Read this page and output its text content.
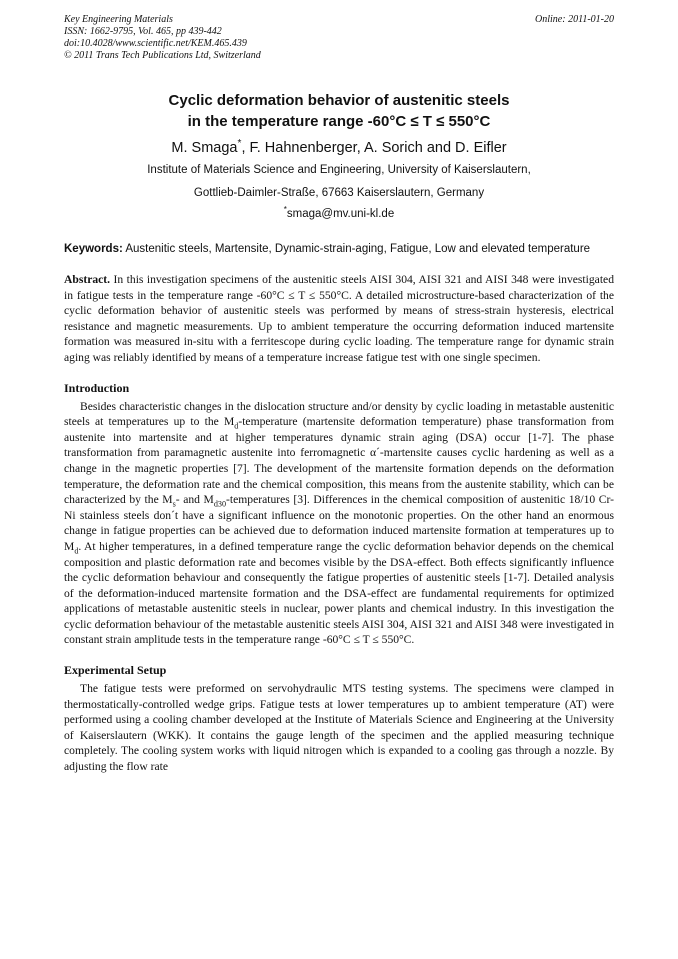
Key Engineering Materials
ISSN: 1662-9795, Vol. 465, pp 439-442
doi:10.4028/www.scientific.net/KEM.465.439
© 2011 Trans Tech Publications Ltd, Switzerland
Online: 2011-01-20
Cyclic deformation behavior of austenitic steels
in the temperature range -60°C ≤ T ≤ 550°C
M. Smaga*, F. Hahnenberger, A. Sorich and D. Eifler
Institute of Materials Science and Engineering, University of Kaiserslautern,
Gottlieb-Daimler-Straße, 67663 Kaiserslautern, Germany
*smaga@mv.uni-kl.de
Keywords: Austenitic steels, Martensite, Dynamic-strain-aging, Fatigue, Low and elevated temperature

Abstract. In this investigation specimens of the austenitic steels AISI 304, AISI 321 and AISI 348 were investigated in fatigue tests in the temperature range -60°C ≤ T ≤ 550°C. A detailed microstructure-based characterization of the cyclic deformation behavior of austenitic steels was performed by means of stress-strain hysteresis, electrical resistance and magnetic measurements. Up to ambient temperature the occurring deformation induced martensite formation was measured in-situ with a ferritescope during cyclic loading. The temperature range for dynamic strain aging was reliably identified by means of a temperature increase fatigue test with one single specimen.

Introduction

Besides characteristic changes in the dislocation structure and/or density by cyclic loading in metastable austenitic steels at temperatures up to the $M_d$-temperature (martensite deformation temperature) phase transformation from austenite into martensite and at higher temperatures dynamic strain aging (DSA) occur [1-7]. The phase transformation from paramagnetic austenite into ferromagnetic α´-martensite causes cyclic hardening as well as a change in the magnetic properties [7]. The development of the martensite formation depends on the deformation temperature, the deformation rate and the chemical composition, this means from the austenite stability, which can be characterized by the $M_s-$ and $M_{d30}$-temperatures [3]. Differences in the chemical composition of austenitic 18/10 Cr-Ni stainless steels don´t have a significant influence on the monotonic properties. On the other hand an enormous change in fatigue properties can be achieved due to deformation induced martensite formation at temperatures up to $M_d$. At higher temperatures, in a defined temperature range the cyclic deformation behavior depends on the chemical composition and plastic deformation rate and becomes visible by the DSA-effect. Both effects significantly influence the cyclic deformation behaviour and consequently the fatigue properties of austenitic steels [1-7]. Detailed analysis of the deformation-induced martensite formation and the DSA-effect are fundamental requirements for optimized applications of metastable austenitic steels in nuclear, power plants and chemical industry. In this investigation the cyclic deformation behaviour of the metastable austenitic steels AISI 304, AISI 321 and AISI 348 were investigated in constant strain amplitude tests in the temperature range -60°C ≤ T ≤ 550°C.

Experimental Setup

The fatigue tests were preformed on servohydraulic MTS testing systems. The specimens were clamped in thermostatically-controlled wedge grips. Fatigue tests at lower temperatures up to ambient temperature (AT) were performed using a cooling chamber developed at the Institute of Materials Science and Engineering at the University of Kaiserslautern (WKK). It contains the gauge length of the specimen and the applied measuring technique completely. The cooling system works with liquid nitrogen which is expanded to a cooling gas through a nozzle. By adjusting the flow rate
